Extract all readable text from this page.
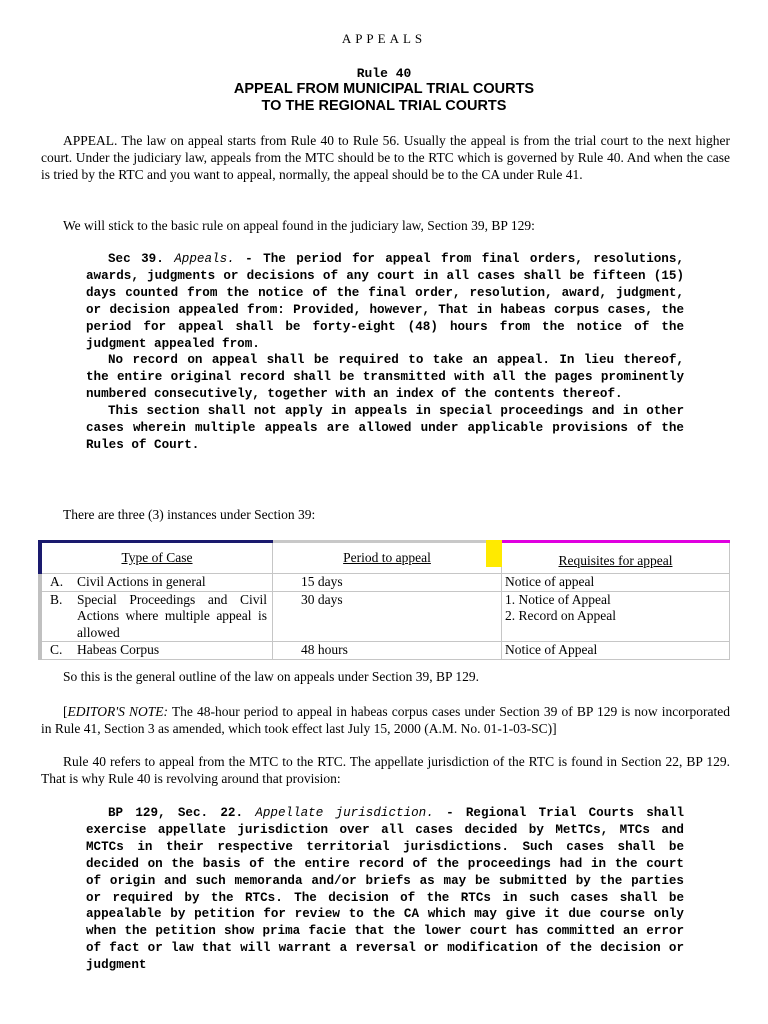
APPEALS
Rule 40
APPEAL FROM MUNICIPAL TRIAL COURTS
TO THE REGIONAL TRIAL COURTS
APPEAL. The law on appeal starts from Rule 40 to Rule 56. Usually the appeal is from the trial court to the next higher court. Under the judiciary law, appeals from the MTC should be to the RTC which is governed by Rule 40. And when the case is tried by the RTC and you want to appeal, normally, the appeal should be to the CA under Rule 41.
We will stick to the basic rule on appeal found in the judiciary law, Section 39, BP 129:

Sec 39. Appeals. - The period for appeal from final orders, resolutions, awards, judgments or decisions of any court in all cases shall be fifteen (15) days counted from the notice of the final order, resolution, award, judgment, or decision appealed from: Provided, however, That in habeas corpus cases, the period for appeal shall be forty-eight (48) hours from the notice of the judgment appealed from.

No record on appeal shall be required to take an appeal. In lieu thereof, the entire original record shall be transmitted with all the pages prominently numbered consecutively, together with an index of the contents thereof.

This section shall not apply in appeals in special proceedings and in other cases wherein multiple appeals are allowed under applicable provisions of the Rules of Court.

There are three (3) instances under Section 39:
Type of Case	Period to appeal	Requisites for appeal
A. Civil Actions in general	15 days	Notice of appeal
B. Special Proceedings and Civil Actions where multiple appeal is allowed	30 days	1. Notice of Appeal
2. Record on Appeal

C. Habeas Corpus	48 hours	Notice of Appeal
So this is the general outline of the law on appeals under Section 39, BP 129.
[EDITOR'S NOTE: The 48-hour period to appeal in habeas corpus cases under Section 39 of BP 129 is now incorporated in Rule 41, Section 3 as amended, which took effect last July 15, 2000 (A.M. No. 01-1-03-SC)]
Rule 40 refers to appeal from the MTC to the RTC. The appellate jurisdiction of the RTC is found in Section 22, BP 129. That is why Rule 40 is revolving around that provision:

BP 129, Sec. 22. Appellate jurisdiction. - Regional Trial Courts shall exercise appellate jurisdiction over all cases decided by MetTCs, MTCs and MCTCs in their respective territorial jurisdictions. Such cases shall be decided on the basis of the entire record of the proceedings had in the court of origin and such memoranda and/or briefs as may be submitted by the parties or required by the RTCs. The decision of the RTCs in such cases shall be appealable by petition for review to the CA which may give it due course only when the petition show prima facie that the lower court has committed an error of fact or law that will warrant a reversal or modification of the decision or judgment
